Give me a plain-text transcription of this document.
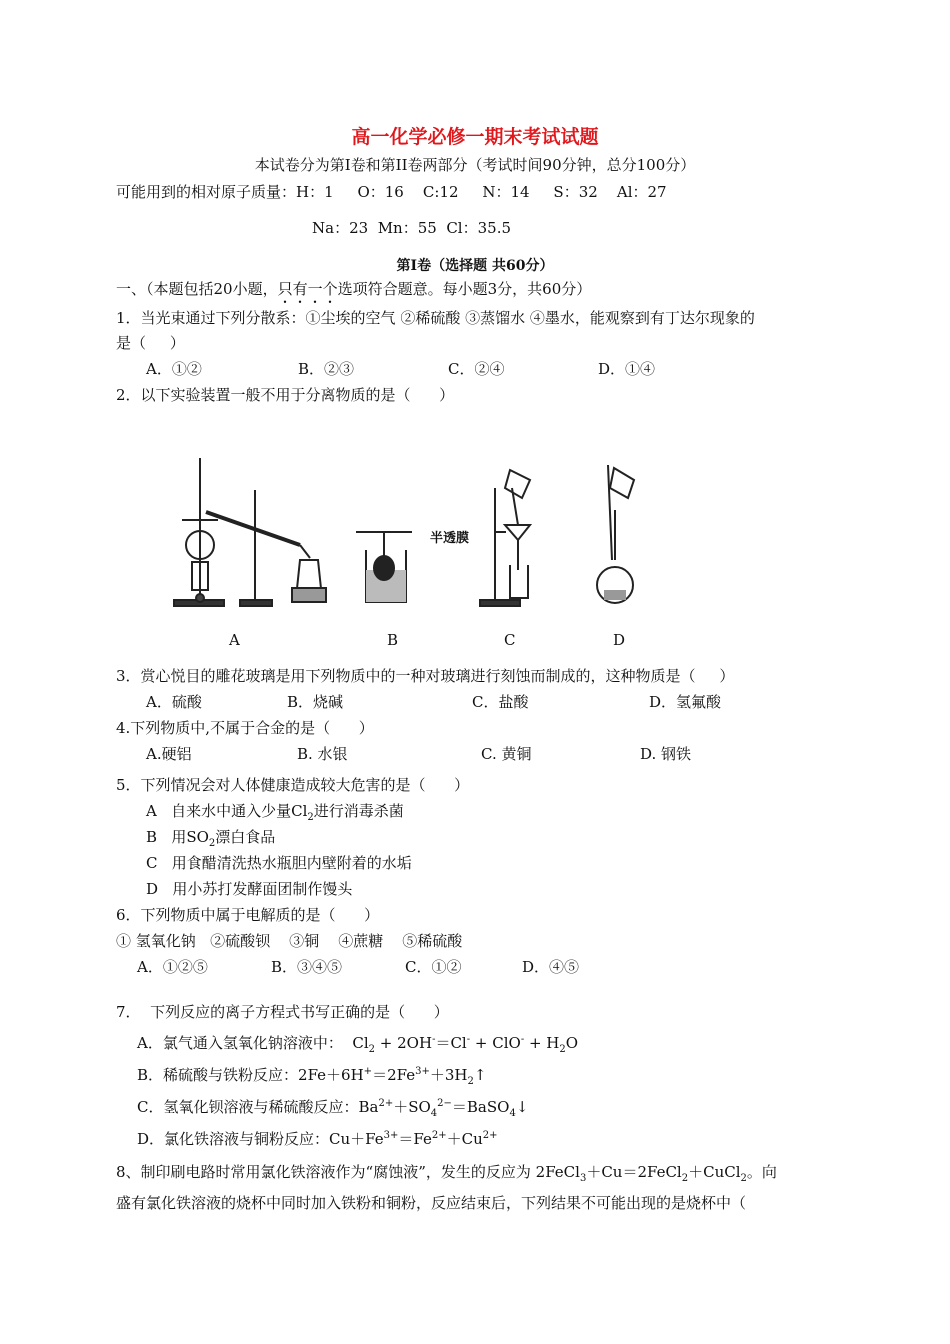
高一化学必修一期末考试试题
本试卷分为第I卷和第II卷两部分（考试时间90分钟，总分100分）
可能用到的相对原子质量：H：1     O：16    C:12     N：14     S：32    Al：27
Na：23  Mn：55  Cl：35.5
第Ⅰ卷（选择题 共60分）
一、（本题包括20小题，只有一个选项符合题意。每小题3分，共60分）
1．当光束通过下列分散系：①尘埃的空气 ②稀硫酸 ③蒸馏水 ④墨水，能观察到有丁达尔现象的
是（     ）
A．①②	B．②③	C．②④	D．①④
2．以下实验装置一般不用于分离物质的是（      ）
半透膜
A	B	C	D
3．赏心悦目的雕花玻璃是用下列物质中的一种对玻璃进行刻蚀而制成的，这种物质是（     ）
A．硫酸	B．烧碱	C．盐酸	D．氢氟酸
4.下列物质中,不属于合金的是（      ）
A.硬铝	B. 水银	C. 黄铜	D. 钢铁
5．下列情况会对人体健康造成较大危害的是（      ）
A   自来水中通入少量$Cl_2$进行消毒杀菌
B   用$SO_2$漂白食品
C   用食醋清洗热水瓶胆内壁附着的水垢
D   用小苏打发酵面团制作馒头
6．下列物质中属于电解质的是（      ）
① 氢氧化钠   ②硫酸钡    ③铜    ④蔗糖    ⑤稀硫酸
A．①②⑤	B．③④⑤	C．①②	D．④⑤
7．  下列反应的离子方程式书写正确的是（      ）
A．氯气通入氢氧化钠溶液中：  $Cl_2 + 2OH^-=Cl^- + ClO^- + H_2O$
B．稀硫酸与铁粉反应：$2Fe+6H^+=2Fe^{3+}+3H_2↑$
C．氢氧化钡溶液与稀硫酸反应：$Ba^{2+}+SO_4^{2-}=BaSO_4↓$
D．氯化铁溶液与铜粉反应：$Cu+Fe^{3+}=Fe^{2+}+Cu^{2+}$
8、制印刷电路时常用氯化铁溶液作为“腐蚀液”，发生的反应为 2FeCl$_3$＋Cu＝2FeCl$_2$＋CuCl$_2$。向
盛有氯化铁溶液的烧杯中同时加入铁粉和铜粉，反应结束后，下列结果不可能出现的是烧杯中（
